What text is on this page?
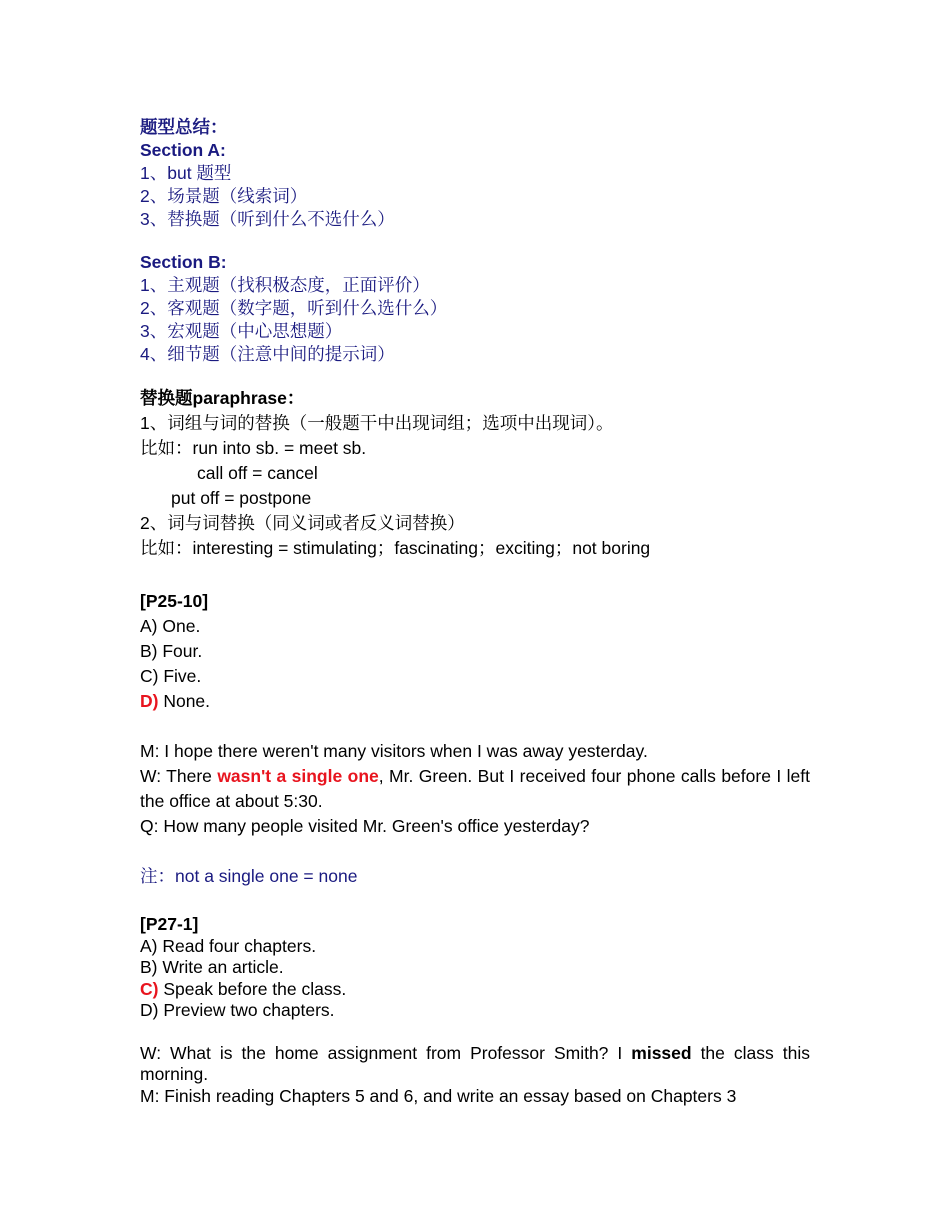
题型总结：
Section A:
1、but 题型
2、场景题（线索词）
3、替换题（听到什么不选什么）
Section B:
1、主观题（找积极态度，正面评价）
2、客观题（数字题，听到什么选什么）
3、宏观题（中心思想题）
4、细节题（注意中间的提示词）
替换题paraphrase：
1、词组与词的替换（一般题干中出现词组；选项中出现词）。
比如：run into sb. = meet sb.
call off = cancel
put off = postpone
2、词与词替换（同义词或者反义词替换）
比如：interesting = stimulating；fascinating；exciting；not boring
[P25-10]
A) One.
B) Four.
C) Five.
D) None.
M: I hope there weren't many visitors when I was away yesterday.
W: There wasn't a single one, Mr. Green. But I received four phone calls before I left the office at about 5:30.
Q: How many people visited Mr. Green's office yesterday?
注：not a single one = none
[P27-1]
A) Read four chapters.
B) Write an article.
C) Speak before the class.
D) Preview two chapters.
W: What is the home assignment from Professor Smith? I missed the class this morning.
M: Finish reading Chapters 5 and 6, and write an essay based on Chapters 3
